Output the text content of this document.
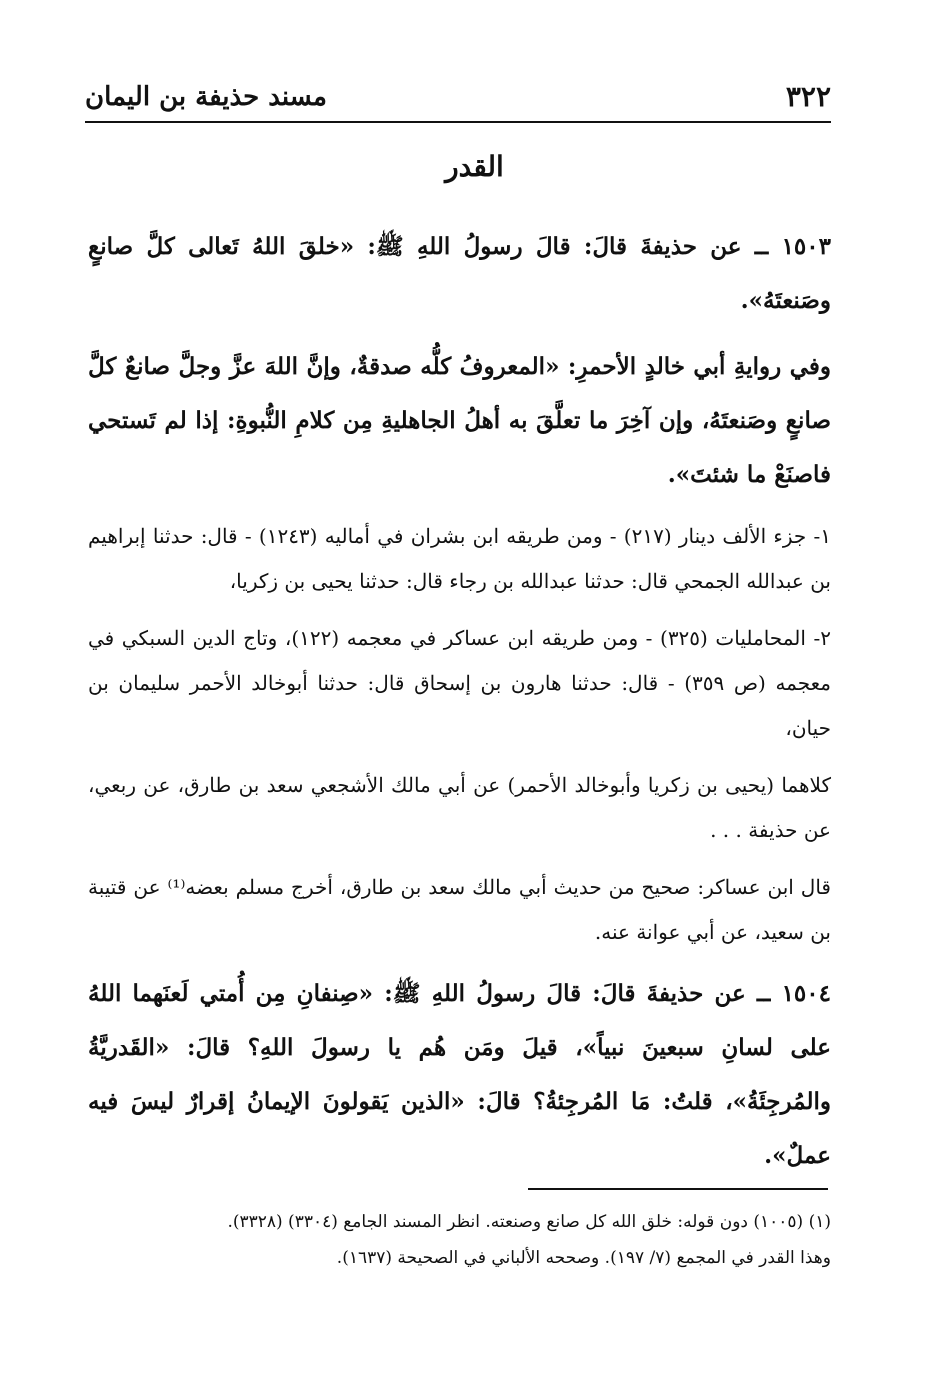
٣٢٢
مسند حذيفة بن اليمان
القدر

١٥٠٣ ــ عن حذيفةَ قالَ: قالَ رسولُ اللهِ ﷺ: «خلقَ اللهُ تَعالى كلَّ صانعٍ وصَنعتَهُ».

وفي روايةِ أبي خالدٍ الأحمرِ: «المعروفُ كلُّه صدقةٌ، وإنَّ اللهَ عزَّ وجلَّ صانعٌ كلَّ صانعٍ وصَنعتَهُ، وإن آخِرَ ما تعلَّقَ به أهلُ الجاهليةِ مِن كلامِ النُّبوةِ: إذا لم تَستحي فاصنَعْ ما شئتَ».

١- جزء الألف دينار (٢١٧) - ومن طريقه ابن بشران في أماليه (١٢٤٣) - قال: حدثنا إبراهيم بن عبدالله الجمحي قال: حدثنا عبدالله بن رجاء قال: حدثنا يحيى بن زكريا،

٢- المحامليات (٣٢٥) - ومن طريقه ابن عساكر في معجمه (١٢٢)، وتاج الدين السبكي في معجمه (ص ٣٥٩) - قال: حدثنا هارون بن إسحاق قال: حدثنا أبوخالد الأحمر سليمان بن حيان،

كلاهما (يحيى بن زكريا وأبوخالد الأحمر) عن أبي مالك الأشجعي سعد بن طارق، عن ربعي، عن حذيفة . . .

قال ابن عساكر: صحيح من حديث أبي مالك سعد بن طارق، أخرج مسلم بعضه⁽¹⁾ عن قتيبة بن سعيد، عن أبي عوانة عنه.

١٥٠٤ ــ عن حذيفةَ قالَ: قالَ رسولُ اللهِ ﷺ: «صِنفانِ مِن أُمتي لَعنَهما اللهُ على لسانِ سبعينَ نبياً»، قيلَ ومَن هُم يا رسولَ اللهِ؟ قالَ: «القَدريَّةُ والمُرجِئَةُ»، قلتُ: مَا المُرجِئةُ؟ قالَ: «الذين يَقولونَ الإيمانُ إقرارٌ ليسَ فيه عملٌ».

(١) (١٠٠٥) دون قوله: خلق الله كل صانع وصنعته. انظر المسند الجامع (٣٣٠٤) (٣٣٢٨).

وهذا القدر في المجمع (٧/ ١٩٧). وصححه الألباني في الصحيحة (١٦٣٧).
